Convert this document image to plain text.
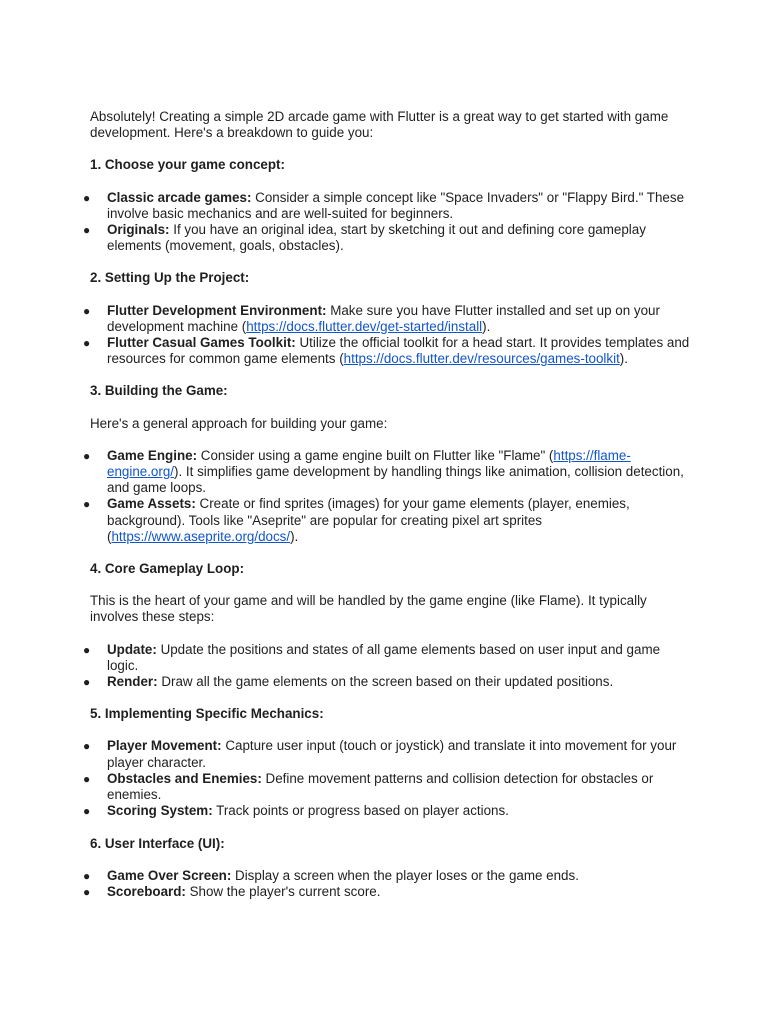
Absolutely! Creating a simple 2D arcade game with Flutter is a great way to get started with game development. Here's a breakdown to guide you:

1. Choose your game concept:

● Classic arcade games: Consider a simple concept like "Space Invaders" or "Flappy Bird." These involve basic mechanics and are well-suited for beginners.
● Originals: If you have an original idea, start by sketching it out and defining core gameplay elements (movement, goals, obstacles).

2. Setting Up the Project:

● Flutter Development Environment: Make sure you have Flutter installed and set up on your development machine (https://docs.flutter.dev/get-started/install).
● Flutter Casual Games Toolkit: Utilize the official toolkit for a head start. It provides templates and resources for common game elements (https://docs.flutter.dev/resources/games-toolkit).

3. Building the Game:

Here's a general approach for building your game:

● Game Engine: Consider using a game engine built on Flutter like "Flame" (https://flame-engine.org/). It simplifies game development by handling things like animation, collision detection, and game loops.
● Game Assets: Create or find sprites (images) for your game elements (player, enemies, background). Tools like "Aseprite" are popular for creating pixel art sprites (https://www.aseprite.org/docs/).

4. Core Gameplay Loop:

This is the heart of your game and will be handled by the game engine (like Flame). It typically involves these steps:

● Update: Update the positions and states of all game elements based on user input and game logic.
● Render: Draw all the game elements on the screen based on their updated positions.

5. Implementing Specific Mechanics:

● Player Movement: Capture user input (touch or joystick) and translate it into movement for your player character.
● Obstacles and Enemies: Define movement patterns and collision detection for obstacles or enemies.
● Scoring System: Track points or progress based on player actions.

6. User Interface (UI):

● Game Over Screen: Display a screen when the player loses or the game ends.
● Scoreboard: Show the player's current score.
